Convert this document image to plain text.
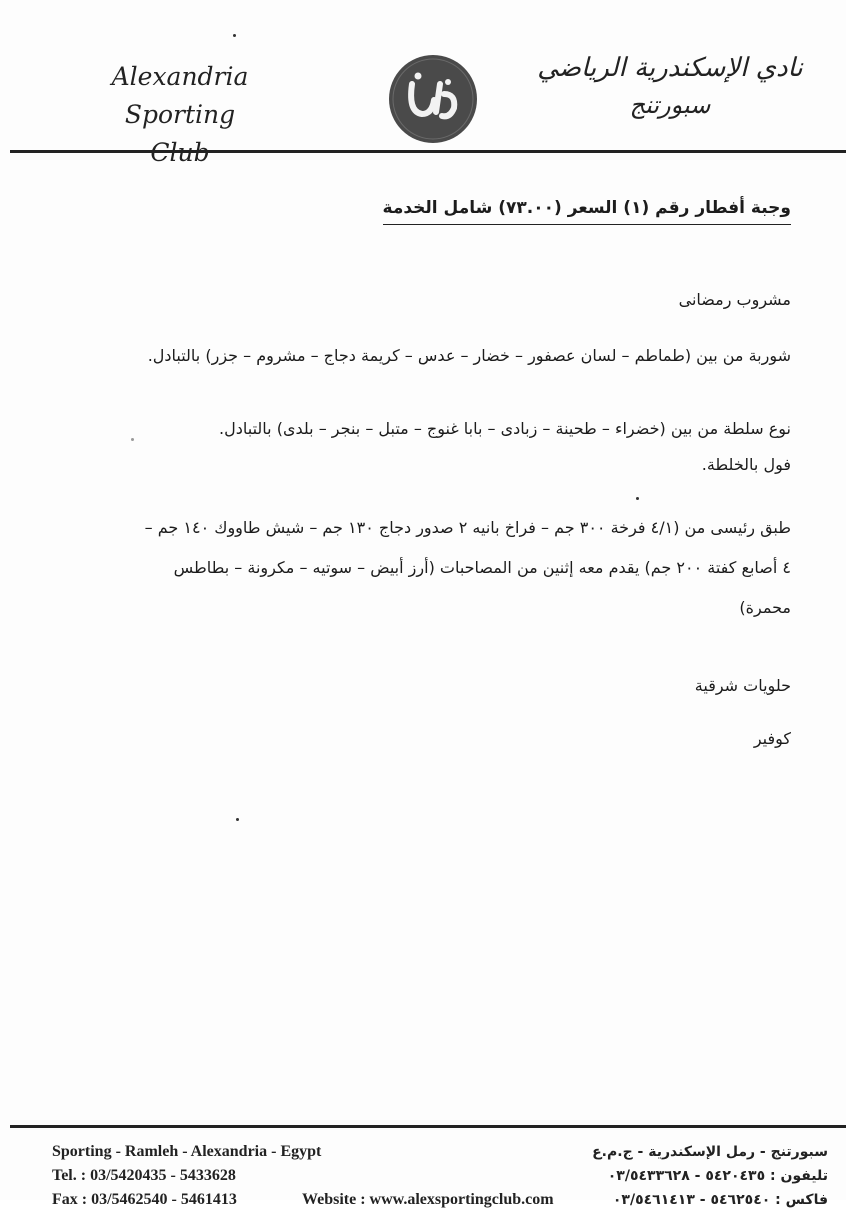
Alexandria Sporting
Club
نادي الإسكندرية الرياضي
سبورتنج
وجبة أفطار رقم (١) السعر (٧٣.٠٠) شامل الخدمة
مشروب رمضانى
شوربة من بين (طماطم – لسان عصفور – خضار – عدس – كريمة دجاج – مشروم – جزر) بالتبادل.
نوع سلطة من بين (خضراء – طحينة – زبادى – بابا غنوج – متبل – بنجر – بلدى) بالتبادل.
فول بالخلطة.
طبق رئيسى من (٤/١ فرخة ٣٠٠ جم – فراخ بانيه ٢ صدور دجاج ١٣٠ جم – شيش طاووك ١٤٠ جم –
٤ أصابع كفتة ٢٠٠ جم) يقدم معه إثنين من المصاحبات (أرز أبيض – سوتيه – مكرونة – بطاطس
محمرة)
حلويات شرقية
كوفير
Sporting - Ramleh - Alexandria - Egypt
Tel. : 03/5420435 - 5433628
Fax : 03/5462540 - 5461413	Website : www.alexsportingclub.com
سبورتنج - رمل الإسكندرية - ج.م.ع
تليفون : ٥٤٢٠٤٣٥ - ٠٣/٥٤٣٣٦٢٨
فاكس : ٥٤٦٢٥٤٠ - ٠٣/٥٤٦١٤١٣
